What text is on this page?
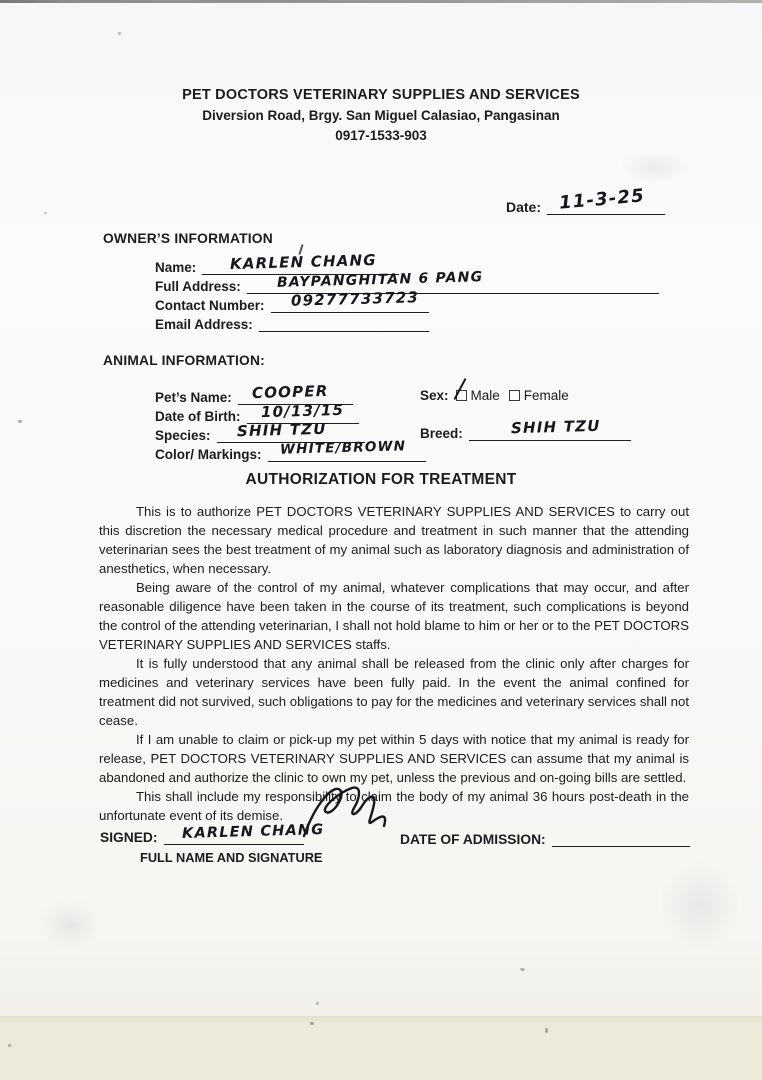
PET DOCTORS VETERINARY SUPPLIES AND SERVICES
Diversion Road, Brgy. San Miguel Calasiao, Pangasinan
0917-1533-903
Date: 11-3-25
OWNER’S INFORMATION
Name: KARLEN CHANG
Full Address:	BAYPANGHITAN 6 PANG
Contact Number: 09277733723
Email Address:
ANIMAL INFORMATION:
Pet’s Name: COOPER
Date of Birth: 10/13/15
Species: SHIH TZU
Color/ Markings: WHITE/BROWN
Sex: Male Female
Breed:	SHIH TZU
AUTHORIZATION FOR TREATMENT

This is to authorize PET DOCTORS VETERINARY SUPPLIES AND SERVICES to carry out this discretion the necessary medical procedure and treatment in such manner that the attending veterinarian sees the best treatment of my animal such as laboratory diagnosis and administration of anesthetics, when necessary.

Being aware of the control of my animal, whatever complications that may occur, and after reasonable diligence have been taken in the course of its treatment, such complications is beyond the control of the attending veterinarian, I shall not hold blame to him or her or to the PET DOCTORS VETERINARY SUPPLIES AND SERVICES staffs.

It is fully understood that any animal shall be released from the clinic only after charges for medicines and veterinary services have been fully paid. In the event the animal confined for treatment did not survived, such obligations to pay for the medicines and veterinary services shall not cease.

If I am unable to claim or pick-up my pet within 5 days with notice that my animal is ready for release, PET DOCTORS VETERINARY SUPPLIES AND SERVICES can assume that my animal is abandoned and authorize the clinic to own my pet, unless the previous and on-going bills are settled.

This shall include my responsibility to claim the body of my animal 36 hours post-death in the unfortunate event of its demise.

SIGNED: KARLEN CHANG
FULL NAME AND SIGNATURE
DATE OF ADMISSION:
